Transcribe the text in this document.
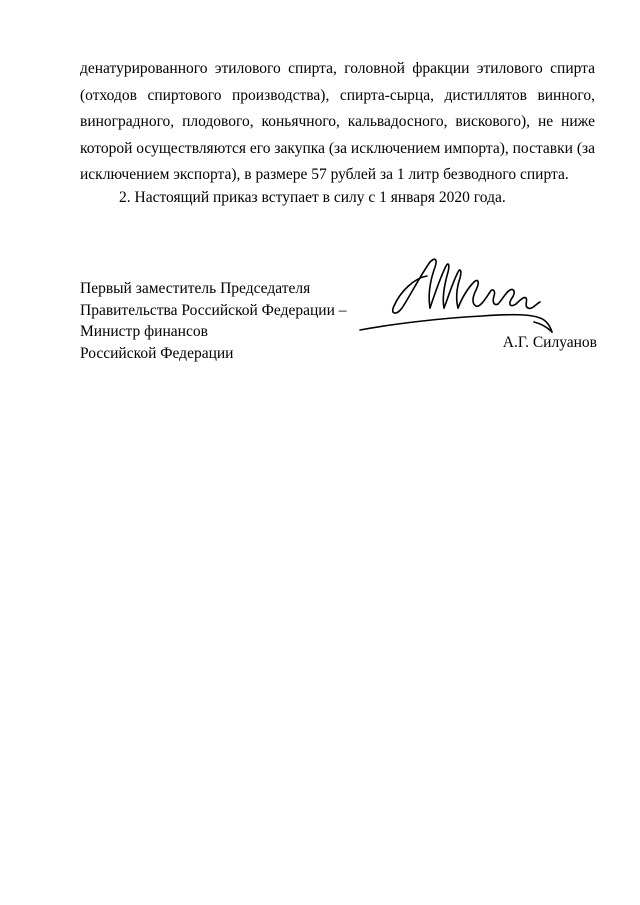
денатурированного этилового спирта, головной фракции этилового спирта
(отходов спиртового производства), спирта-сырца, дистиллятов винного,
виноградного, плодового, коньячного, кальвадосного, вискового), не ниже
которой осуществляются его закупка (за исключением импорта), поставки (за
исключением экспорта), в размере 57 рублей за 1 литр безводного спирта.
2. Настоящий приказ вступает в силу с 1 января 2020 года.
Первый заместитель Председателя
Правительства Российской Федерации –
Министр финансов
Российской Федерации
А.Г. Силуанов
